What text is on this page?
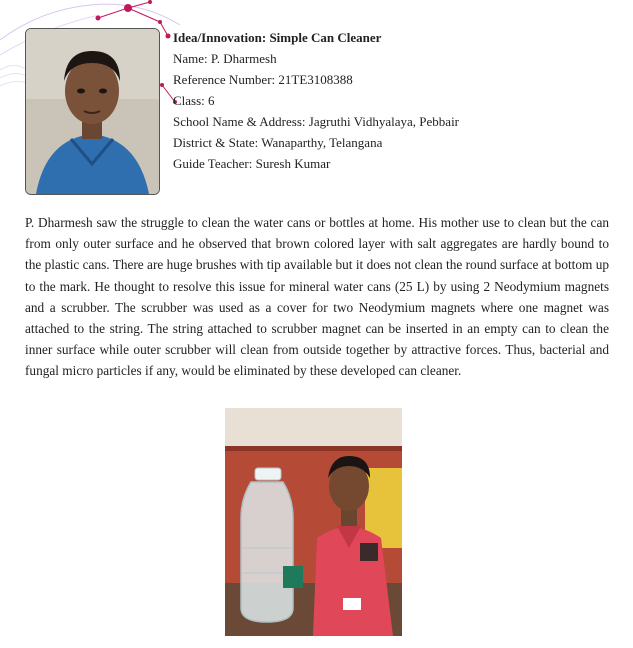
Idea/Innovation: Simple Can Cleaner
Name: P. Dharmesh
Reference Number: 21TE3108388
Class: 6
School Name & Address: Jagruthi Vidhyalaya, Pebbair
District & State: Wanaparthy, Telangana
Guide Teacher: Suresh Kumar

P. Dharmesh saw the struggle to clean the water cans or bottles at home. His mother use to clean but the can from only outer surface and he observed that brown colored layer with salt aggregates are hardly bound to the plastic cans. There are huge brushes with tip available but it does not clean the round surface at bottom up to the mark. He thought to resolve this issue for mineral water cans (25 L) by using 2 Neodymium magnets and a scrubber. The scrubber was used as a cover for two Neodymium magnets where one magnet was attached to the string. The string attached to scrubber magnet can be inserted in an empty can to clean the inner surface while outer scrubber will clean from outside together by attractive forces. Thus, bacterial and fungal micro particles if any, would be eliminated by these developed can cleaner.
